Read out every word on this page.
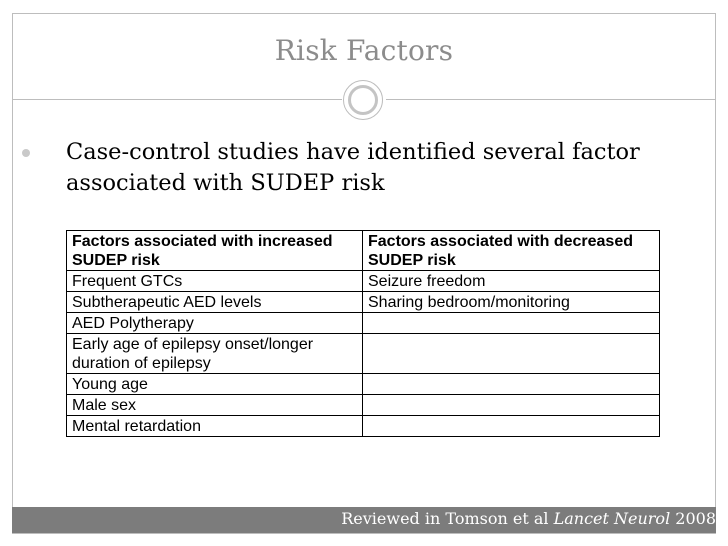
Risk Factors
Case-control studies have identified several factor associated with SUDEP risk
Factors associated with increased SUDEP risk	Factors associated with decreased SUDEP risk
Frequent GTCs	Seizure freedom
Subtherapeutic AED levels	Sharing bedroom/monitoring
AED Polytherapy	
Early age of epilepsy onset/longer duration of epilepsy	
Young age	
Male sex	
Mental retardation	
Reviewed in Tomson et al Lancet Neurol 2008
